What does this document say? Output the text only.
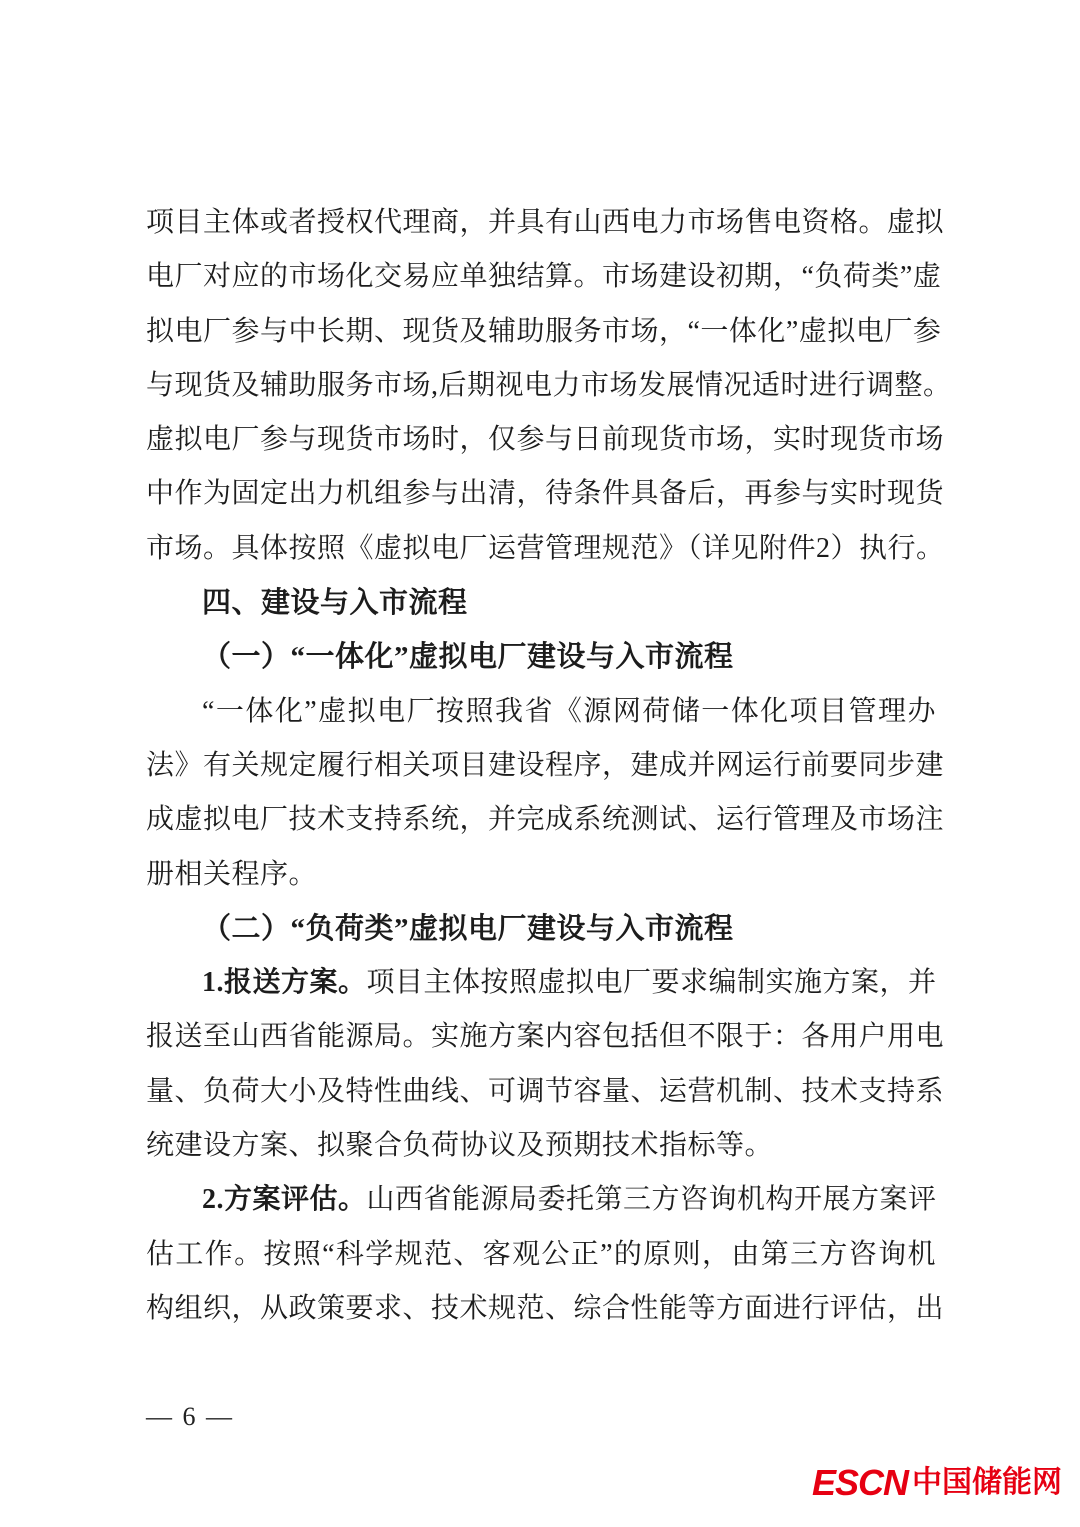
项目主体或者授权代理商，并具有山西电力市场售电资格。虚拟
电厂对应的市场化交易应单独结算。市场建设初期，“负荷类”虚
拟电厂参与中长期、现货及辅助服务市场，“一体化”虚拟电厂参
与现货及辅助服务市场,后期视电力市场发展情况适时进行调整。
虚拟电厂参与现货市场时，仅参与日前现货市场，实时现货市场
中作为固定出力机组参与出清，待条件具备后，再参与实时现货
市场。具体按照《虚拟电厂运营管理规范》（详见附件2）执行。
四、建设与入市流程
（一）“一体化”虚拟电厂建设与入市流程
“一体化”虚拟电厂按照我省《源网荷储一体化项目管理办
法》有关规定履行相关项目建设程序，建成并网运行前要同步建
成虚拟电厂技术支持系统，并完成系统测试、运行管理及市场注
册相关程序。
（二）“负荷类”虚拟电厂建设与入市流程
1.报送方案。项目主体按照虚拟电厂要求编制实施方案，并
报送至山西省能源局。实施方案内容包括但不限于：各用户用电
量、负荷大小及特性曲线、可调节容量、运营机制、技术支持系
统建设方案、拟聚合负荷协议及预期技术指标等。
2.方案评估。山西省能源局委托第三方咨询机构开展方案评
估工作。按照“科学规范、客观公正”的原则，由第三方咨询机
构组织，从政策要求、技术规范、综合性能等方面进行评估，出
— 6 —
ESCN 中国储能网
